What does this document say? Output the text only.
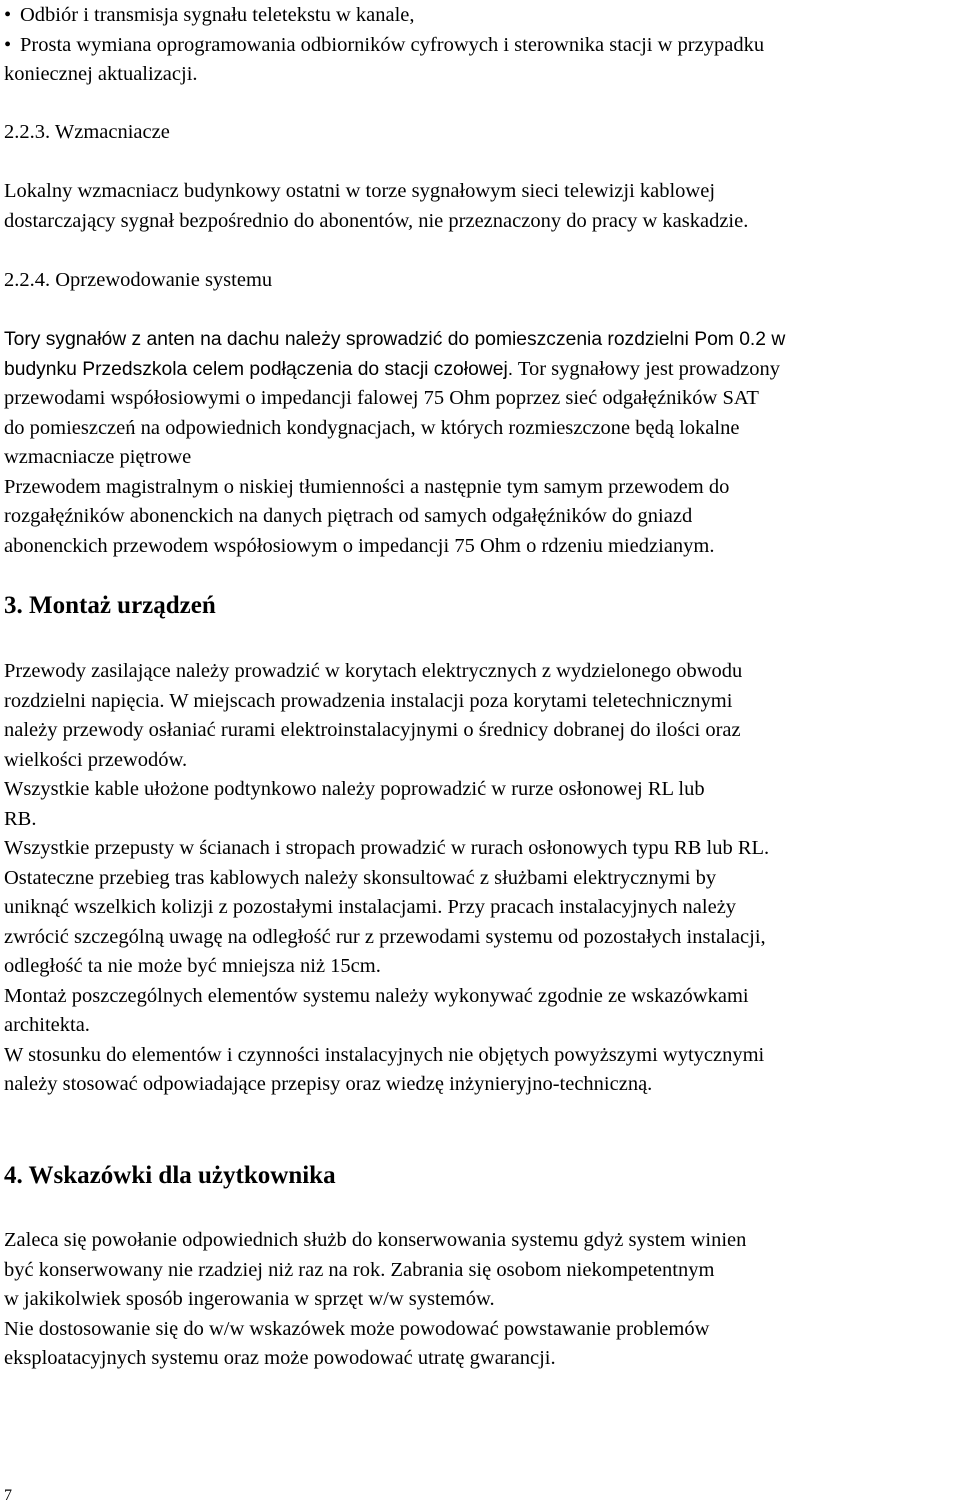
• Odbiór i transmisja sygnału teletekstu w kanale,
• Prosta wymiana oprogramowania odbiorników cyfrowych i sterownika stacji w przypadku
koniecznej aktualizacji.
2.2.3. Wzmacniacze
Lokalny wzmacniacz budynkowy ostatni w torze sygnałowym sieci telewizji kablowej
dostarczający sygnał bezpośrednio do abonentów, nie przeznaczony do pracy w kaskadzie.
2.2.4. Oprzewodowanie systemu
Tory sygnałów z anten na dachu należy sprowadzić do pomieszczenia rozdzielni Pom 0.2 w
budynku Przedszkola celem podłączenia do stacji czołowej. Tor sygnałowy jest prowadzony
przewodami współosiowymi o impedancji falowej 75 Ohm poprzez sieć odgałęźników SAT
do pomieszczeń na odpowiednich kondygnacjach, w których rozmieszczone będą lokalne
wzmacniacze piętrowe
Przewodem magistralnym o niskiej tłumienności a następnie tym samym przewodem do
rozgałęźników abonenckich na danych piętrach od samych odgałęźników do gniazd
abonenckich przewodem współosiowym o impedancji 75 Ohm o rdzeniu miedzianym.
3. Montaż urządzeń
Przewody zasilające należy prowadzić w korytach elektrycznych z wydzielonego obwodu
rozdzielni napięcia. W miejscach prowadzenia instalacji poza korytami teletechnicznymi
należy przewody osłaniać rurami elektroinstalacyjnymi o średnicy dobranej do ilości oraz
wielkości przewodów.
Wszystkie kable ułożone podtynkowo należy poprowadzić w rurze osłonowej RL lub
RB.
Wszystkie przepusty w ścianach i stropach prowadzić w rurach osłonowych typu RB lub RL.
Ostateczne przebieg tras kablowych należy skonsultować z służbami elektrycznymi by
uniknąć wszelkich kolizji z pozostałymi instalacjami. Przy pracach instalacyjnych należy
zwrócić szczególną uwagę na odległość rur z przewodami systemu od pozostałych instalacji,
odległość ta nie może być mniejsza niż 15cm.
Montaż poszczególnych elementów systemu należy wykonywać zgodnie ze wskazówkami
architekta.
W stosunku do elementów i czynności instalacyjnych nie objętych powyższymi wytycznymi
należy stosować odpowiadające przepisy oraz wiedzę inżynieryjno-techniczną.
4. Wskazówki dla użytkownika
Zaleca się powołanie odpowiednich służb do konserwowania systemu gdyż system winien
być konserwowany nie rzadziej niż raz na rok. Zabrania się osobom niekompetentnym
w jakikolwiek sposób ingerowania w sprzęt w/w systemów.
Nie dostosowanie się do w/w wskazówek może powodować powstawanie problemów
eksploatacyjnych systemu oraz może powodować utratę gwarancji.
7
